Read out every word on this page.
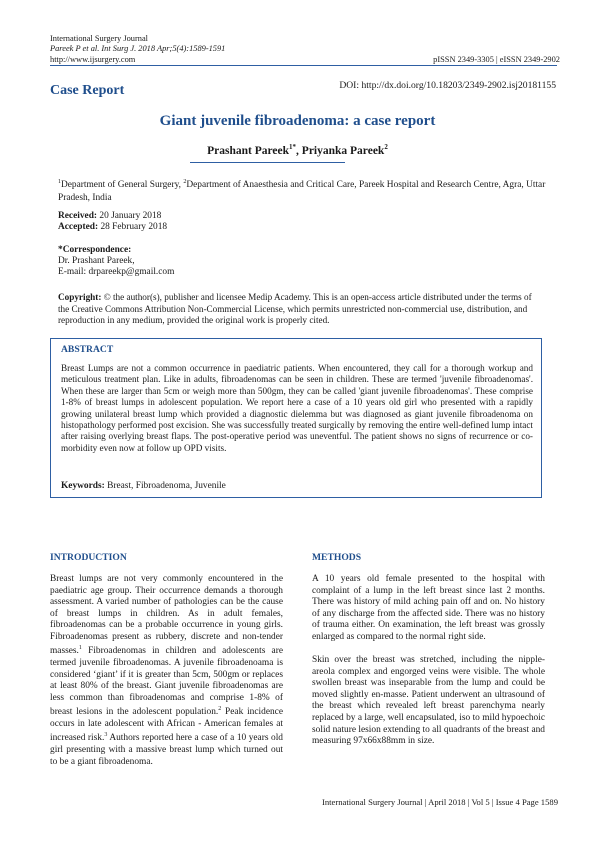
International Surgery Journal
Pareek P et al. Int Surg J. 2018 Apr;5(4):1589-1591
http://www.ijsurgery.com	pISSN 2349-3305 | eISSN 2349-2902
DOI: http://dx.doi.org/10.18203/2349-2902.isj20181155
Case Report
Giant juvenile fibroadenoma: a case report
Prashant Pareek$^{1*}$, Priyanka Pareek$^2$
$^1$Department of General Surgery, $^2$Department of Anaesthesia and Critical Care, Pareek Hospital and Research Centre, Agra, Uttar Pradesh, India
Received: 20 January 2018
Accepted: 28 February 2018
*Correspondence:
Dr. Prashant Pareek,
E-mail: drpareekp@gmail.com
Copyright: © the author(s), publisher and licensee Medip Academy. This is an open-access article distributed under the terms of the Creative Commons Attribution Non-Commercial License, which permits unrestricted non-commercial use, distribution, and reproduction in any medium, provided the original work is properly cited.
ABSTRACT
Breast Lumps are not a common occurrence in paediatric patients. When encountered, they call for a thorough workup and meticulous treatment plan. Like in adults, fibroadenomas can be seen in children. These are termed 'juvenile fibroadenomas'. When these are larger than 5cm or weigh more than 500gm, they can be called 'giant juvenile fibroadenomas'. These comprise 1-8% of breast lumps in adolescent population. We report here a case of a 10 years old girl who presented with a rapidly growing unilateral breast lump which provided a diagnostic dielemma but was diagnosed as giant juvenile fibroadenoma on histopathology performed post excision. She was successfully treated surgically by removing the entire well-defined lump intact after raising overlying breast flaps. The post-operative period was uneventful. The patient shows no signs of recurrence or co-morbidity even now at follow up OPD visits.
Keywords: Breast, Fibroadenoma, Juvenile
INTRODUCTION

Breast lumps are not very commonly encountered in the paediatric age group. Their occurrence demands a thorough assessment. A varied number of pathologies can be the cause of breast lumps in children. As in adult females, fibroadenomas can be a probable occurrence in young girls. Fibroadenomas present as rubbery, discrete and non-tender masses.$^1$ Fibroadenomas in children and adolescents are termed juvenile fibroadenomas. A juvenile fibroadenoama is considered ‘giant’ if it is greater than 5cm, 500gm or replaces at least 80% of the breast. Giant juvenile fibroadenomas are less common than fibroadenomas and comprise 1-8% of breast lesions in the adolescent population.$^2$ Peak incidence occurs in late adolescent with African - American females at increased risk.$^3$ Authors reported here a case of a 10 years old girl presenting with a massive breast lump which turned out to be a giant fibroadenoma.

METHODS

A 10 years old female presented to the hospital with complaint of a lump in the left breast since last 2 months. There was history of mild aching pain off and on. No history of any discharge from the affected side. There was no history of trauma either. On examination, the left breast was grossly enlarged as compared to the normal right side.

Skin over the breast was stretched, including the nipple-areola complex and engorged veins were visible. The whole swollen breast was inseparable from the lump and could be moved slightly en-masse. Patient underwent an ultrasound of the breast which revealed left breast parenchyma nearly replaced by a large, well encapsulated, iso to mild hypoechoic solid nature lesion extending to all quadrants of the breast and measuring 97x66x88mm in size.

International Surgery Journal | April 2018 | Vol 5 | Issue 4 Page 1589
